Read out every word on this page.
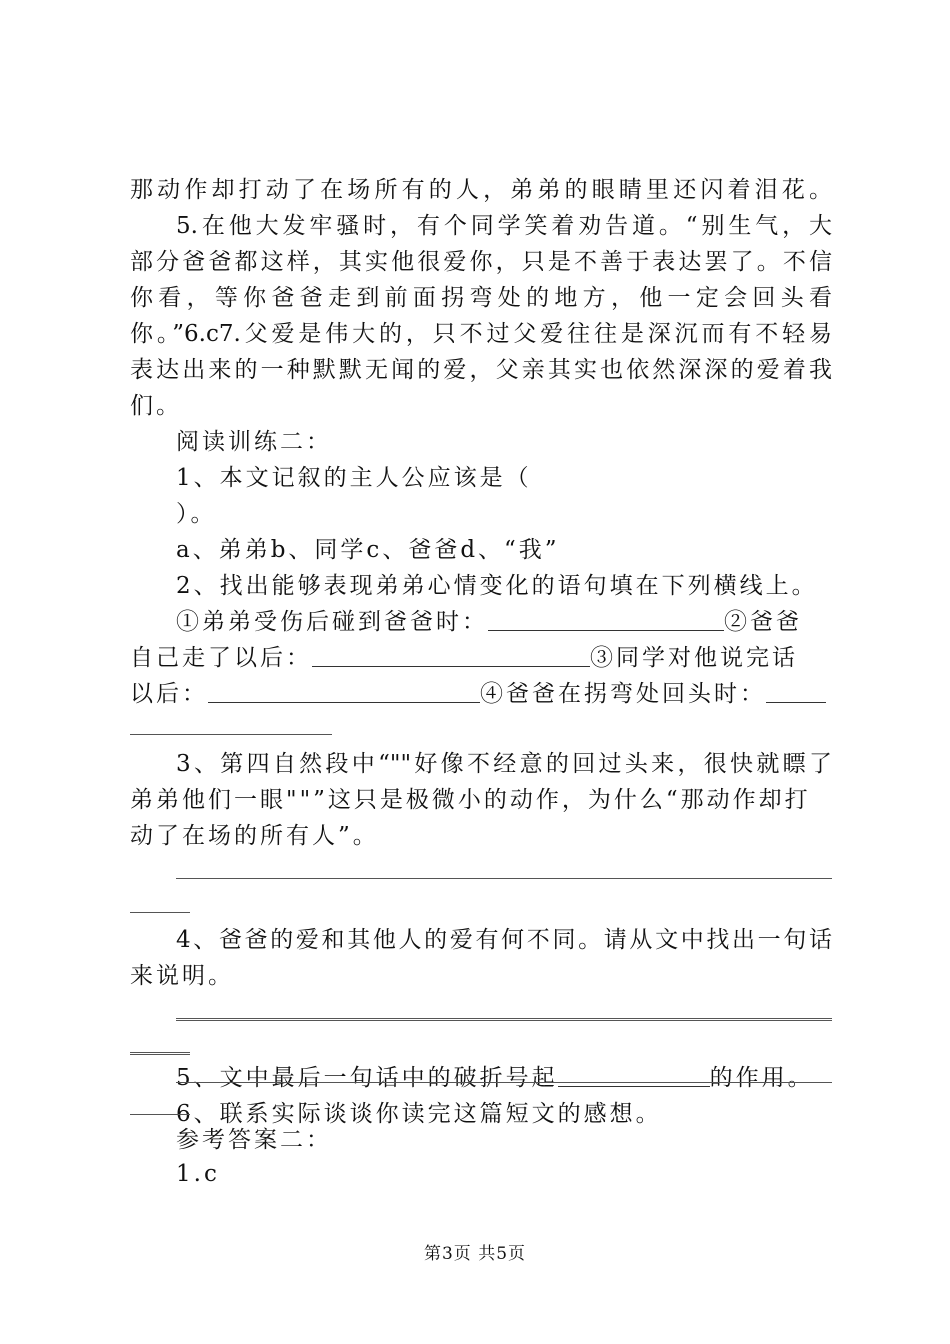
那动作却打动了在场所有的人，弟弟的眼睛里还闪着泪花。
5.在他大发牢骚时，有个同学笑着劝告道。“别生气，大
部分爸爸都这样，其实他很爱你，只是不善于表达罢了。不信
你看，等你爸爸走到前面拐弯处的地方，他一定会回头看
你。”6.c7.父爱是伟大的，只不过父爱往往是深沉而有不轻易
表达出来的一种默默无闻的爱，父亲其实也依然深深的爱着我
们。
阅读训练二：
1、本文记叙的主人公应该是（
）。
a、弟弟b、同学c、爸爸d、“我”
2、找出能够表现弟弟心情变化的语句填在下列横线上。
①弟弟受伤后碰到爸爸时：	②爸爸
自己走了以后：	③同学对他说完话
以后：	④爸爸在拐弯处回头时：
3、第四自然段中“""好像不经意的回过头来，很快就瞟了
弟弟他们一眼""”这只是极微小的动作，为什么“那动作却打
动了在场的所有人”。
4、爸爸的爱和其他人的爱有何不同。请从文中找出一句话
来说明。
5、文中最后一句话中的破折号起	的作用。
6、联系实际谈谈你读完这篇短文的感想。
第3页 共5页
参考答案二：
1.c
